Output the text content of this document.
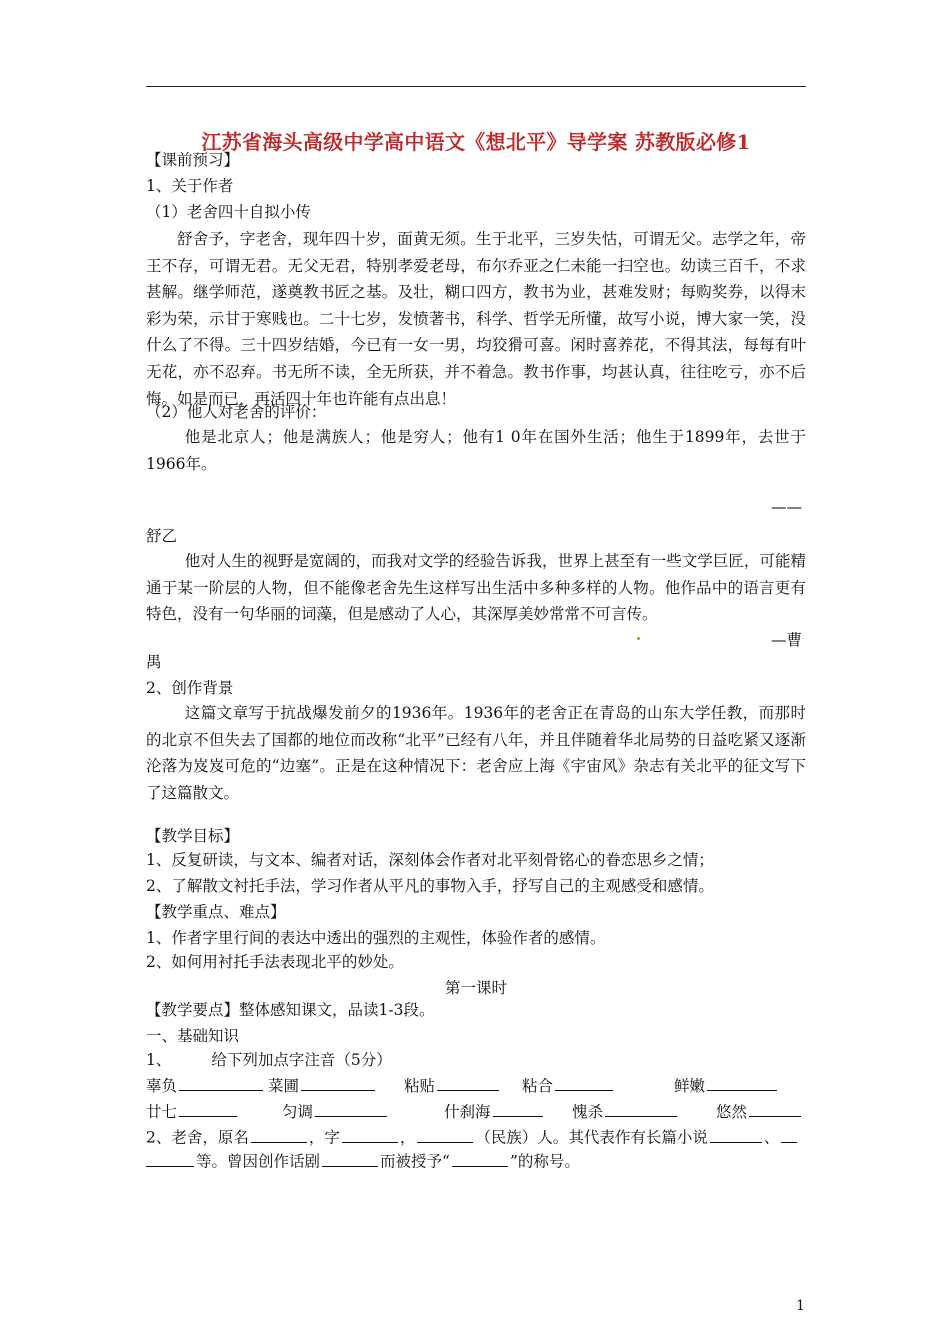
江苏省海头高级中学高中语文《想北平》导学案 苏教版必修1
【课前预习】
1、关于作者
（1）老舍四十自拟小传
舒舍予，字老舍，现年四十岁，面黄无须。生于北平，三岁失怙，可谓无父。志学之年，帝王不存，可谓无君。无父无君，特别孝爱老母，布尔乔亚之仁未能一扫空也。幼读三百千，不求甚解。继学师范，遂奠教书匠之基。及壮，糊口四方，教书为业，甚难发财；每购奖券，以得末彩为荣，示甘于寒贱也。二十七岁，发愤著书，科学、哲学无所懂，故写小说，博大家一笑，没什么了不得。三十四岁结婚，今已有一女一男，均狡猾可喜。闲时喜养花，不得其法，每每有叶无花，亦不忍弃。书无所不读，全无所获，并不着急。教书作事，均甚认真，往往吃亏，亦不后悔。如是而已，再活四十年也许能有点出息！
（2）他人对老舍的评价：
他是北京人；他是满族人；他是穷人；他有1 0年在国外生活；他生于1899年，去世于1966年。
——
舒乙
他对人生的视野是宽阔的，而我对文学的经验告诉我，世界上甚至有一些文学巨匠，可能精通于某一阶层的人物，但不能像老舍先生这样写出生活中多种多样的人物。他作品中的语言更有特色，没有一句华丽的词藻，但是感动了人心，其深厚美妙常常不可言传。
—曹
禺
2、创作背景
这篇文章写于抗战爆发前夕的1936年。1936年的老舍正在青岛的山东大学任教，而那时的北京不但失去了国都的地位而改称“北平”已经有八年，并且伴随着华北局势的日益吃紧又逐渐沦落为岌岌可危的“边塞”。正是在这种情况下：老舍应上海《宇宙风》杂志有关北平的征文写下了这篇散文。
【教学目标】
1、反复研读，与文本、编者对话，深刻体会作者对北平刻骨铭心的眷恋思乡之情；
2、了解散文衬托手法，学习作者从平凡的事物入手，抒写自己的主观感受和感情。
【教学重点、难点】
1、作者字里行间的表达中透出的强烈的主观性，体验作者的感情。
2、如何用衬托手法表现北平的妙处。
第一课时
【教学要点】整体感知课文，品读1-3段。
一、基础知识
1、	给下列加点字注音（5分）
辜负	菜圃	粘贴	粘合	鲜嫩
廿七	匀调	什刹海	愧杀	悠然
2、老舍，原名	，字	，	（民族）人。其代表作有长篇小说	、
等。曾因创作话剧	而被授予“	”的称号。
1
